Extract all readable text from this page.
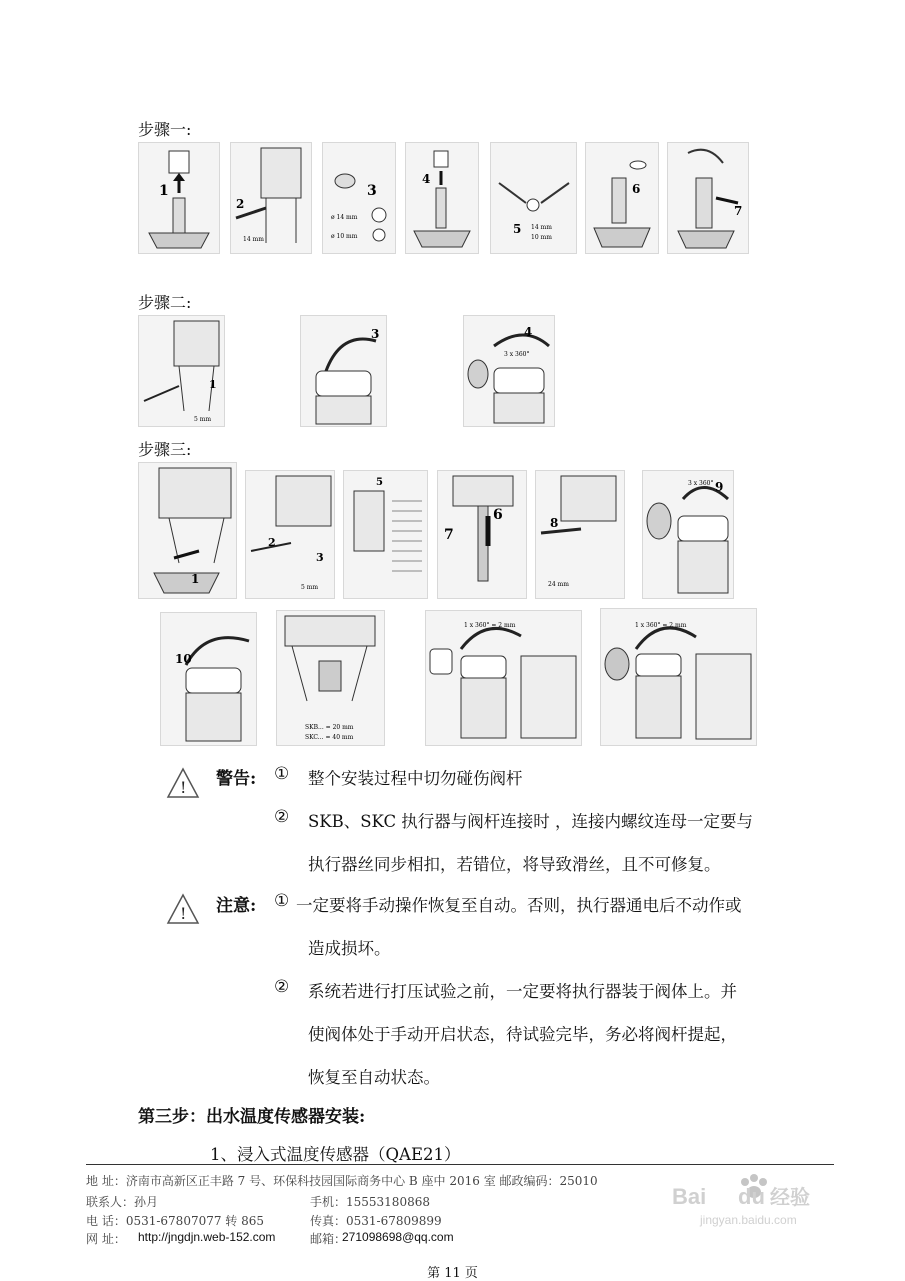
步骤一:
1
2
14 mm
3
ø 14 mm
ø 10 mm
4
5 14 mm
10 mm
6
7
步骤二:
1
5 mm
3	4
3 x 360°
步骤三:
1
2
3
5 mm
5
7
6	8
24 mm
9
3 x 360°
10
SKB... = 20 mm
SKC... = 40 mm
1 x 360° = 2 mm	1 x 360° = 2 mm
! 警告: ① 整个安装过程中切勿碰伤阀杆
② SKB、SKC 执行器与阀杆连接时 ，连接内螺纹连母一定要与
执行器丝同步相扣，若错位，将导致滑丝，且不可修复。
! 注意: ① 一定要将手动操作恢复至自动。否则，执行器通电后不动作或
造成损坏。
② 系统若进行打压试验之前，一定要将执行器装于阀体上。并
使阀体处于手动开启状态，待试验完毕，务必将阀杆提起，
恢复至自动状态。
第三步：出水温度传感器安装:
1、浸入式温度传感器（QAE21）
地 址：济南市高新区正丰路 7 号、环保科技园国际商务中心 B 座中 2016 室 邮政编码：25010
联系人：孙月	手机：15553180868
电 话：0531-67807077 转 865	传真：0531-67809899
网 址： http://jngdjn.web-152.com	邮箱：
271098698@qq.com
第 11 页
Bai du 经验
jingyan.baidu.com
